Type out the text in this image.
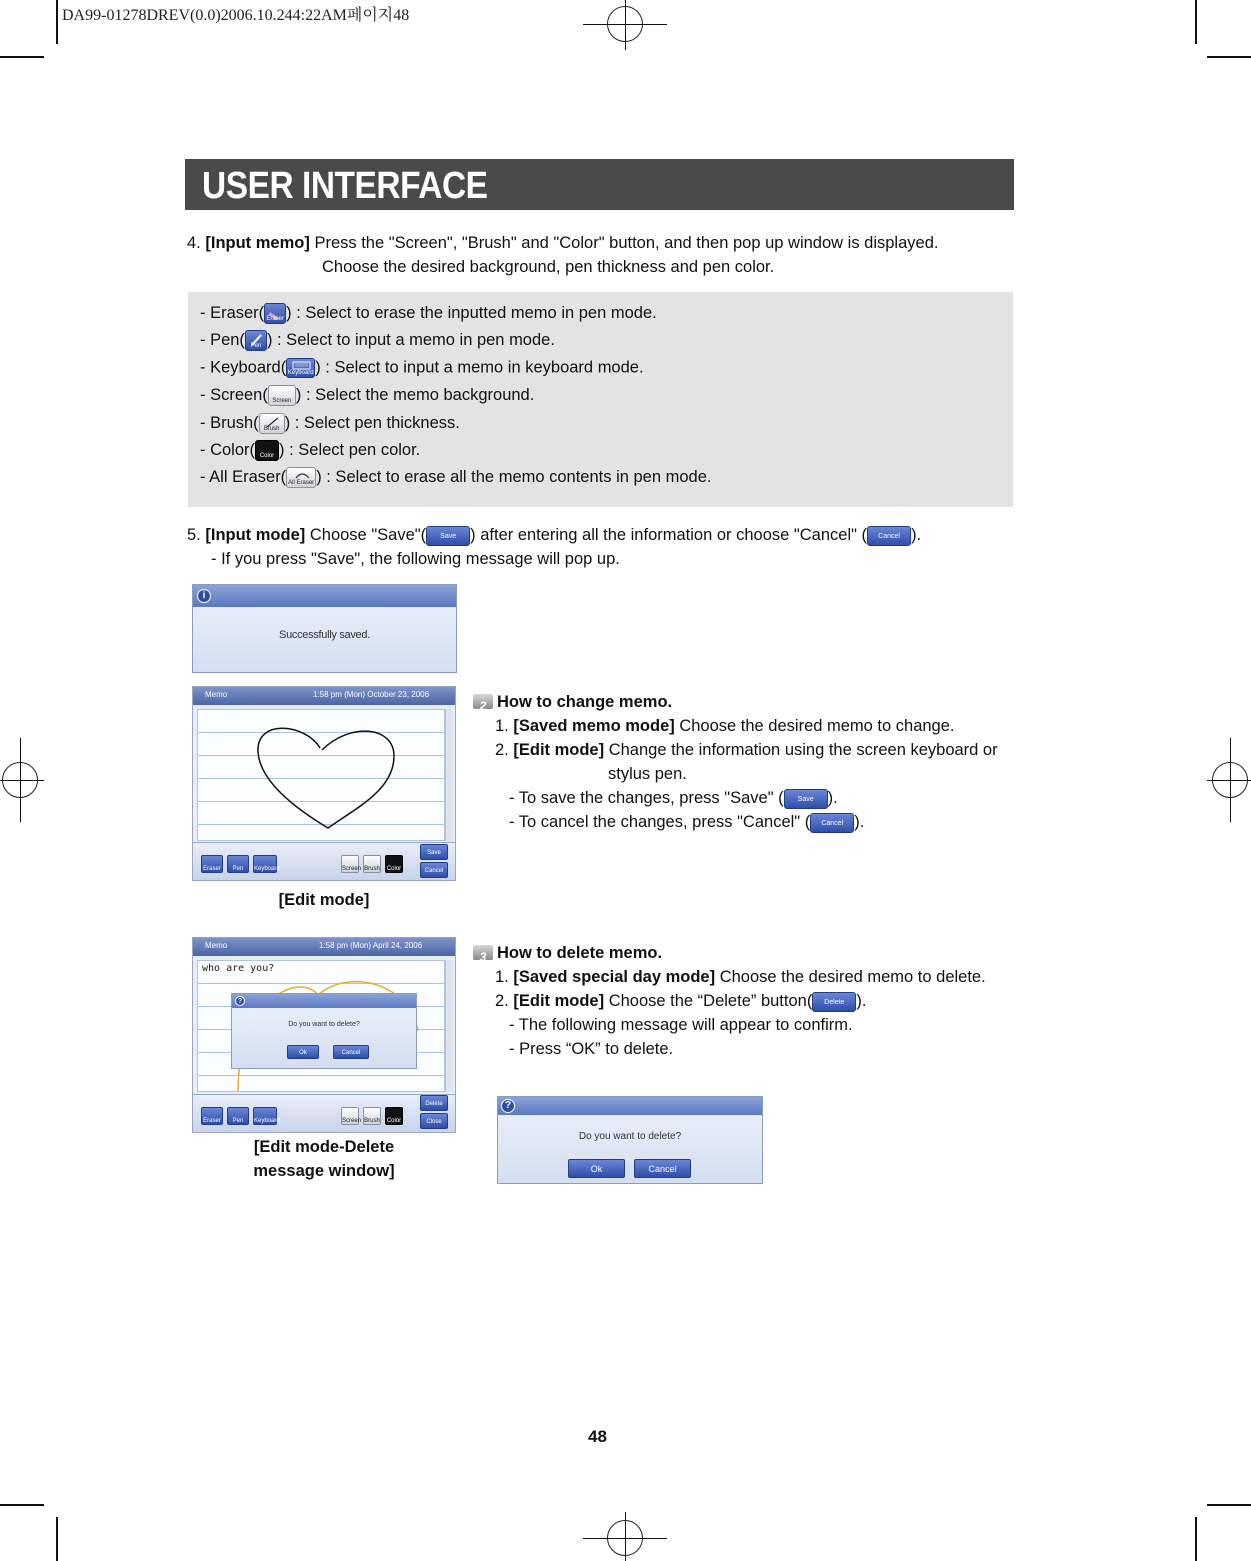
DA99-01278DREV(0.0)2006.10.244:22AM페이지48
USER INTERFACE
4. [Input memo] Press the "Screen", "Brush" and "Color" button, and then pop up window is displayed.
Choose the desired background, pen thickness and pen color.
- Eraser( Eraser ) : Select to erase the inputted memo in pen mode.
- Pen( Pen ) : Select to input a memo in pen mode.
- Keyboard( Keyboard ) : Select to input a memo in keyboard mode.
- Screen( Screen ) : Select the memo background.
- Brush( Brush ) : Select pen thickness.
- Color( Color ) : Select pen color.
- All Eraser( All Eraser ) : Select to erase all the memo contents in pen mode.
5. [Input mode] Choose "Save"( Save ) after entering all the information or choose "Cancel" ( Cancel ).
- If you press "Save", the following message will pop up.
i
Successfully saved.
Memo	1:58 pm (Mon) October 23, 2006
Eraser	Pen	Keyboard	Screen Brush	Color
Save
Cancel
[Edit mode]
2 How to change memo.
1. [Saved memo mode] Choose the desired memo to change.
2. [Edit mode] Change the information using the screen keyboard or
stylus pen.
- To save the changes, press "Save" ( Save ).
- To cancel the changes, press "Cancel" ( Cancel ).
Memo	1:58 pm (Mon) April 24, 2006
who are you?
?
Do you want to delete?
Ok	Cancel
Eraser	Pen	Keyboard	Screen Brush	Color
Delete
Close
[Edit mode-Delete
message window]
3 How to delete memo.
1. [Saved special day mode] Choose the desired memo to delete.
2. [Edit mode] Choose the “Delete” button( Delete ).
- The following message will appear to confirm.
- Press “OK” to delete.
?
Do you want to delete?
Ok	Cancel
48
